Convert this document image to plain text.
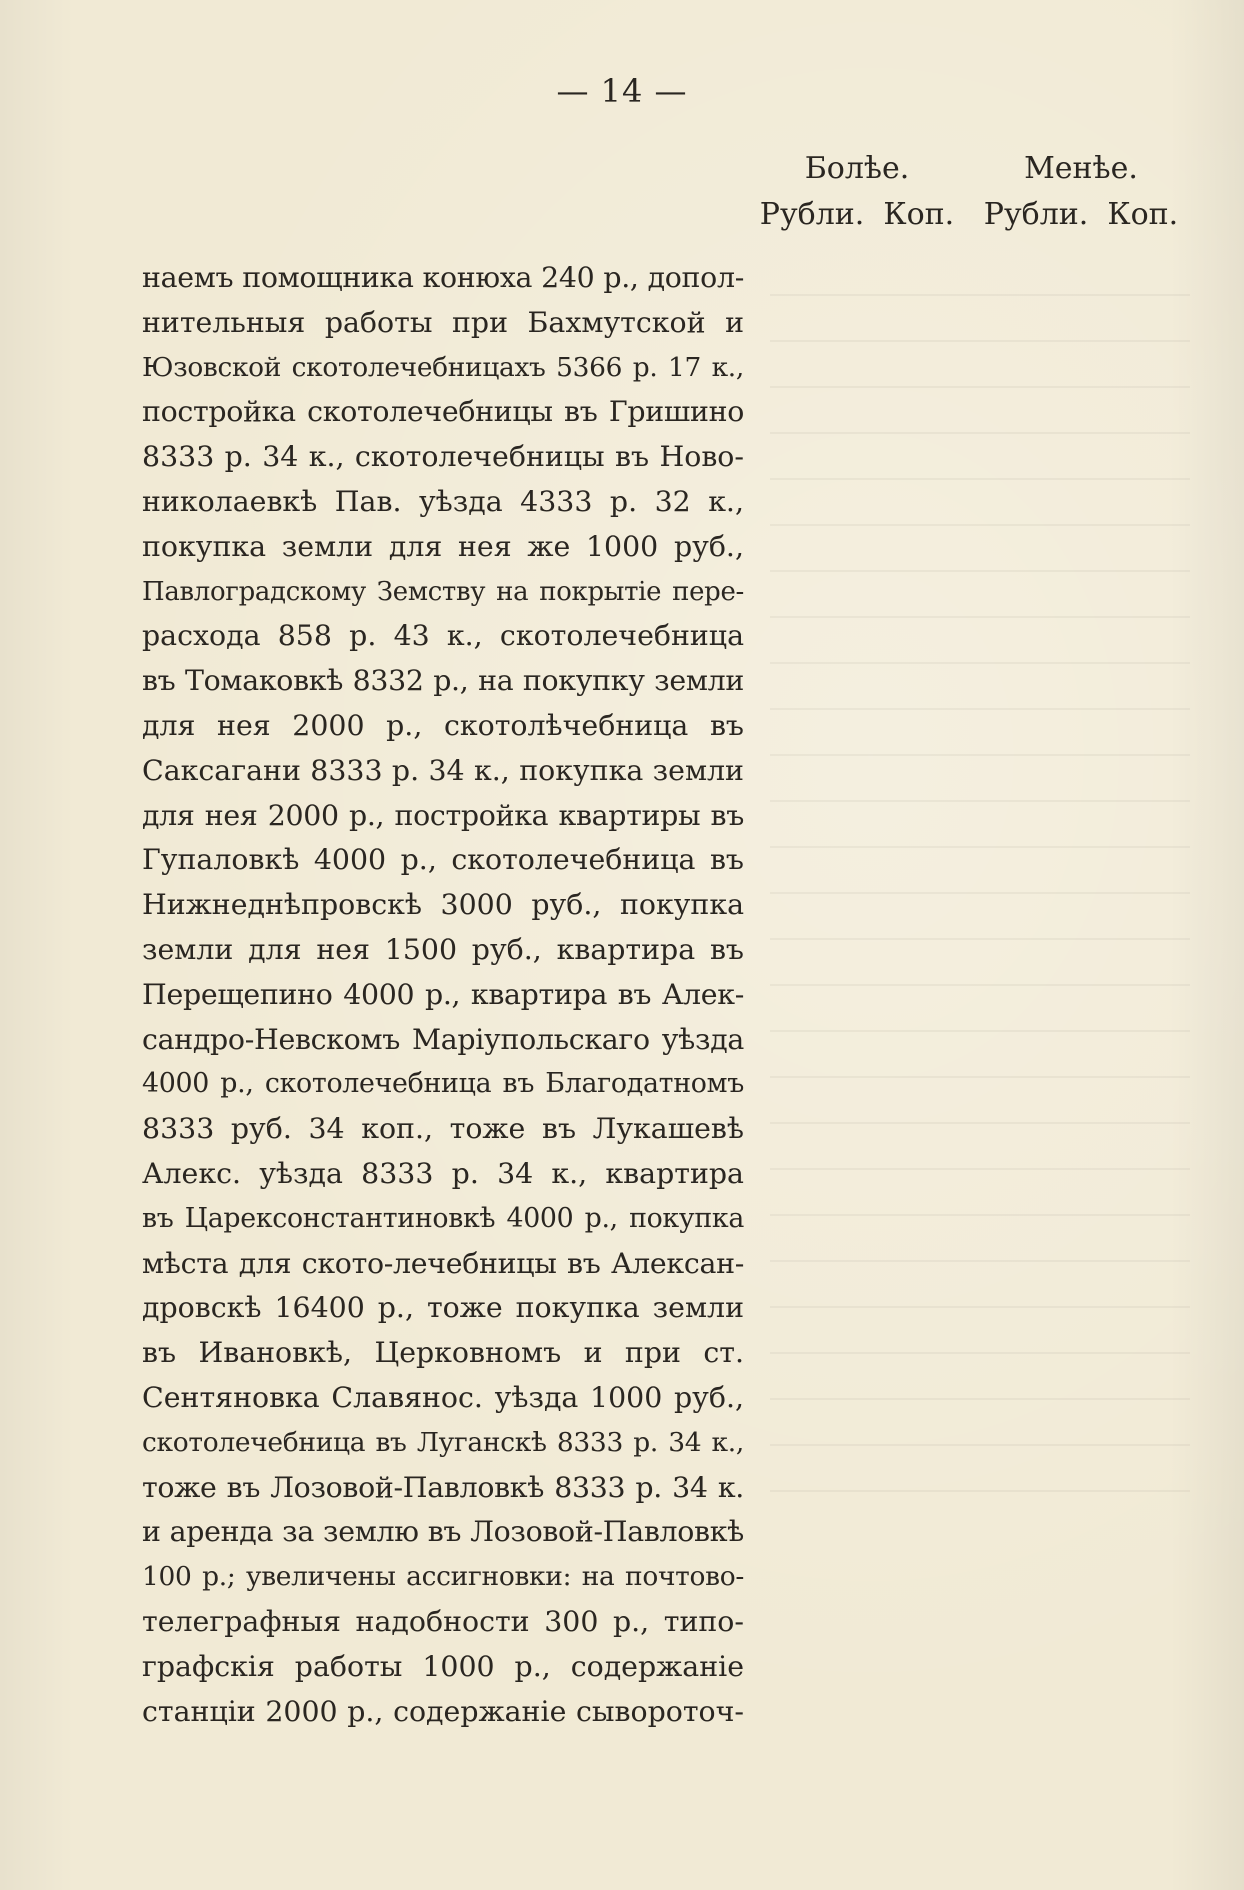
— 14 —
Болѣе.
Рубли. Коп.
Менѣе.
Рубли. Коп.
наемъ помощника конюха 240 р., допол-
нительныя работы при Бахмутской и
Юзовской скотолечебницахъ 5366 р. 17 к.,
постройка скотолечебницы въ Гришино
8333 р. 34 к., скотолечебницы въ Ново-
николаевкѣ Пав. уѣзда 4333 р. 32 к.,
покупка земли для нея же 1000 руб.,
Павлоградскому Земству на покрытіе пере-
расхода 858 р. 43 к., скотолечебница
въ Томаковкѣ 8332 р., на покупку земли
для нея 2000 р., скотолѣчебница въ
Саксагани 8333 р. 34 к., покупка земли
для нея 2000 р., постройка квартиры въ
Гупаловкѣ 4000 р., скотолечебница въ
Нижнеднѣпровскѣ 3000 руб., покупка
земли для нея 1500 руб., квартира въ
Перещепино 4000 р., квартира въ Алек-
сандро-Невскомъ Маріупольскаго уѣзда
4000 р., скотолечебница въ Благодатномъ
8333 руб. 34 коп., тоже въ Лукашевѣ
Алекс. уѣзда 8333 р. 34 к., квартира
въ Царексонстантиновкѣ 4000 р., покупка
мѣста для ското-лечебницы въ Алексан-
дровскѣ 16400 р., тоже покупка земли
въ Ивановкѣ, Церковномъ и при ст.
Сентяновка Славянос. уѣзда 1000 руб.,
скотолечебница въ Луганскѣ 8333 р. 34 к.,
тоже въ Лозовой-Павловкѣ 8333 р. 34 к.
и аренда за землю въ Лозовой-Павловкѣ
100 р.; увеличены ассигновки: на почтово-
телеграфныя надобности 300 р., типо-
графскія работы 1000 р., содержаніе
станціи 2000 р., содержаніе сывороточ-
